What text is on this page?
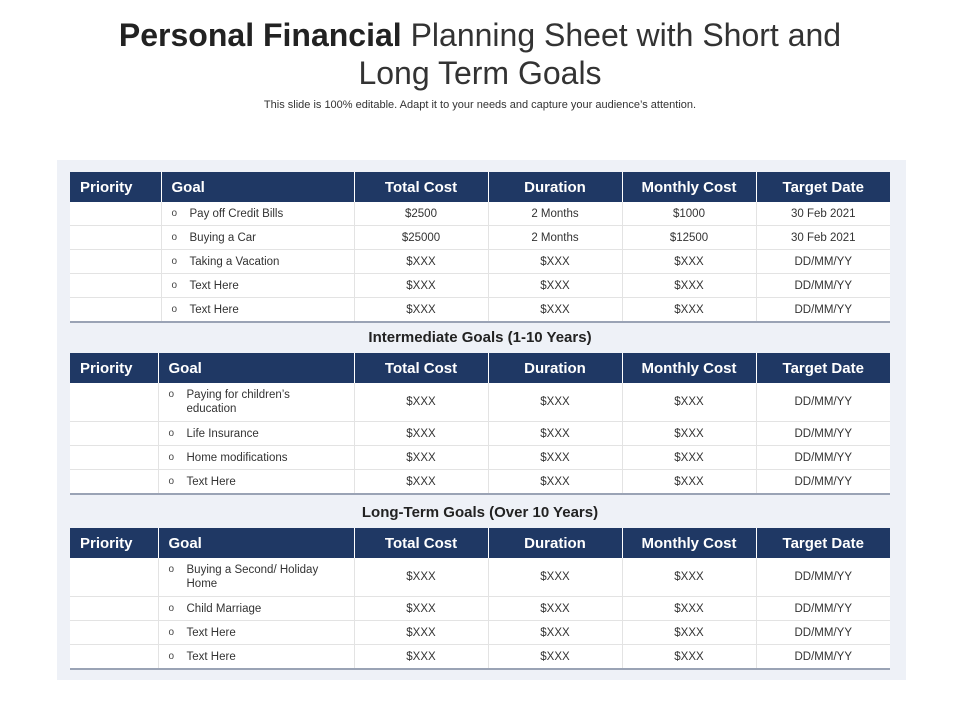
Personal Financial Planning Sheet with Short and
Long Term Goals
This slide is 100% editable. Adapt it to your needs and capture your audience’s attention.
Priority	Goal	Total Cost	Duration	Monthly Cost	Target Date
	o Pay off Credit Bills	$2500	2 Months	$1000	30 Feb 2021
	o Buying a Car	$25000	2 Months	$12500	30 Feb 2021
	o Taking a Vacation	$XXX	$XXX	$XXX	DD/MM/YY
	o Text Here	$XXX	$XXX	$XXX	DD/MM/YY
	o Text Here	$XXX	$XXX	$XXX	DD/MM/YY
Intermediate Goals (1-10 Years)
Priority	Goal	Total Cost	Duration	Monthly Cost	Target Date
	o Paying for children’s education	$XXX	$XXX	$XXX	DD/MM/YY
	o Life Insurance	$XXX	$XXX	$XXX	DD/MM/YY
	o Home modifications	$XXX	$XXX	$XXX	DD/MM/YY
	o Text Here	$XXX	$XXX	$XXX	DD/MM/YY
Long-Term Goals (Over 10 Years)
Priority	Goal	Total Cost	Duration	Monthly Cost	Target Date
	o Buying a Second/ Holiday Home	$XXX	$XXX	$XXX	DD/MM/YY
	o Child Marriage	$XXX	$XXX	$XXX	DD/MM/YY
	o Text Here	$XXX	$XXX	$XXX	DD/MM/YY
	o Text Here	$XXX	$XXX	$XXX	DD/MM/YY
